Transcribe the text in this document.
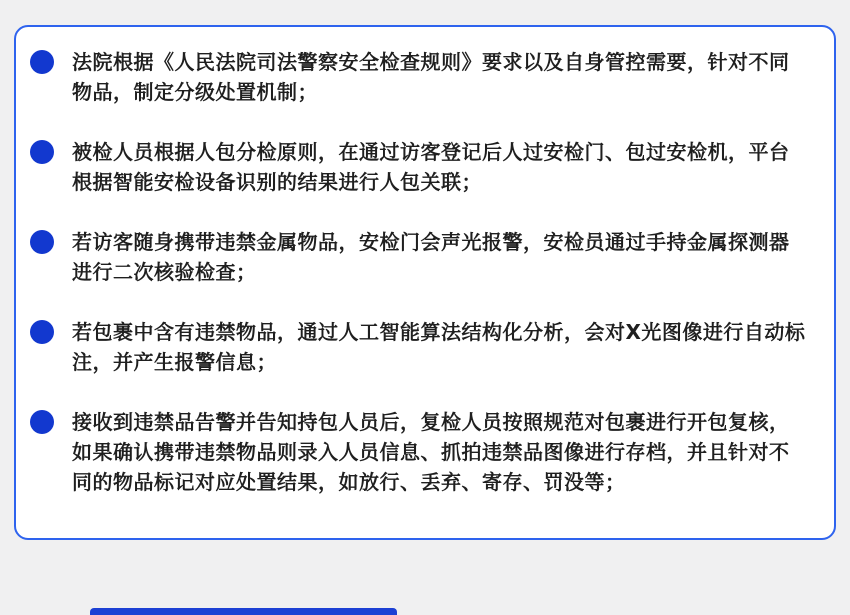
法院根据《人民法院司法警察安全检查规则》要求以及自身管控需要，针对不同
物品，制定分级处置机制；
被检人员根据人包分检原则，在通过访客登记后人过安检门、包过安检机，平台
根据智能安检设备识别的结果进行人包关联；
若访客随身携带违禁金属物品，安检门会声光报警，安检员通过手持金属探测器
进行二次核验检查；
若包裹中含有违禁物品，通过人工智能算法结构化分析，会对X光图像进行自动标
注，并产生报警信息；
接收到违禁品告警并告知持包人员后，复检人员按照规范对包裹进行开包复核，
如果确认携带违禁物品则录入人员信息、抓拍违禁品图像进行存档，并且针对不
同的物品标记对应处置结果，如放行、丢弃、寄存、罚没等；
